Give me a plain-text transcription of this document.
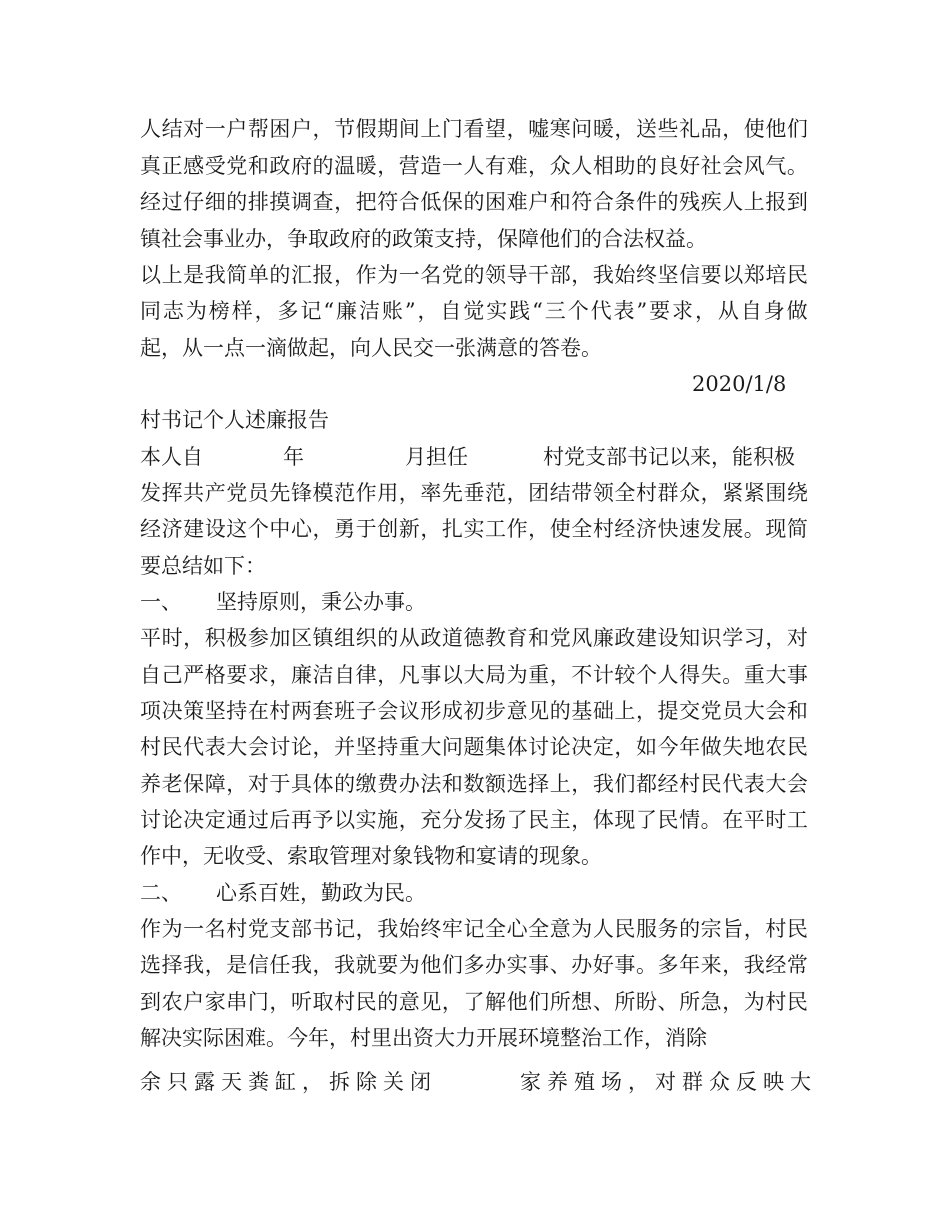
人 结 对 一 户 帮 困 户 ， 节 假 期 间 上 门 看 望 ， 嘘 寒 问 暖 ， 送 些 礼 品 ， 使 他 们
真 正 感 受 党 和 政 府 的 温 暖 ， 营 造 一 人 有 难 ， 众 人 相 助 的 良 好 社 会 风 气 。
经 过 仔 细 的 排 摸 调 查 ， 把 符 合 低 保 的 困 难 户 和 符 合 条 件 的 残 疾 人 上 报 到
镇社会事业办，争取政府的政策支持，保障他们的合法权益。
以 上 是 我 简 单 的 汇 报 ， 作 为 一 名 党 的 领 导 干 部 ， 我 始 终 坚 信 要 以 郑 培 民
同 志 为 榜 样 ， 多 记 “ 廉 洁 账 ” ， 自 觉 实 践 “ 三 个 代 表 ” 要 求 ， 从 自 身 做
起，从一点一滴做起，向人民交一张满意的答卷。
2020/1/8
村书记个人述廉报告
本人自	年	月担任	村党支部书记以来，能积极
发 挥 共 产 党 员 先 锋 模 范 作 用 ， 率 先 垂 范 ， 团 结 带 领 全 村 群 众 ， 紧 紧 围 绕
经 济 建 设 这 个 中 心 ， 勇 于 创 新 ， 扎 实 工 作 ， 使 全 村 经 济 快 速 发 展 。 现 简
要总结如下：
一、 坚持原则，秉公办事。
平 时 ， 积 极 参 加 区 镇 组 织 的 从 政 道 德 教 育 和 党 风 廉 政 建 设 知 识 学 习 ， 对
自 己 严 格 要 求 ， 廉 洁 自 律 ， 凡 事 以 大 局 为 重 ， 不 计 较 个 人 得 失 。 重 大 事
项 决 策 坚 持 在 村 两 套 班 子 会 议 形 成 初 步 意 见 的 基 础 上 ， 提 交 党 员 大 会 和
村 民 代 表 大 会 讨 论 ， 并 坚 持 重 大 问 题 集 体 讨 论 决 定 ， 如 今 年 做 失 地 农 民
养 老 保 障 ， 对 于 具 体 的 缴 费 办 法 和 数 额 选 择 上 ， 我 们 都 经 村 民 代 表 大 会
讨 论 决 定 通 过 后 再 予 以 实 施 ， 充 分 发 扬 了 民 主 ， 体 现 了 民 情 。 在 平 时 工
作中，无收受、索取管理对象钱物和宴请的现象。
二、 心系百姓，勤政为民。
作 为 一 名 村 党 支 部 书 记 ， 我 始 终 牢 记 全 心 全 意 为 人 民 服 务 的 宗 旨 ， 村 民
选 择 我 ， 是 信 任 我 ， 我 就 要 为 他 们 多 办 实 事 、 办 好 事 。 多 年 来 ， 我 经 常
到 农 户 家 串 门 ， 听 取 村 民 的 意 见 ， 了 解 他 们 所 想 、 所 盼 、 所 急 ， 为 村 民
解决实际困难。今年，村里出资大力开展环境整治工作，消除
余只露天粪缸，拆除关闭	家养殖场，对群众反映大
